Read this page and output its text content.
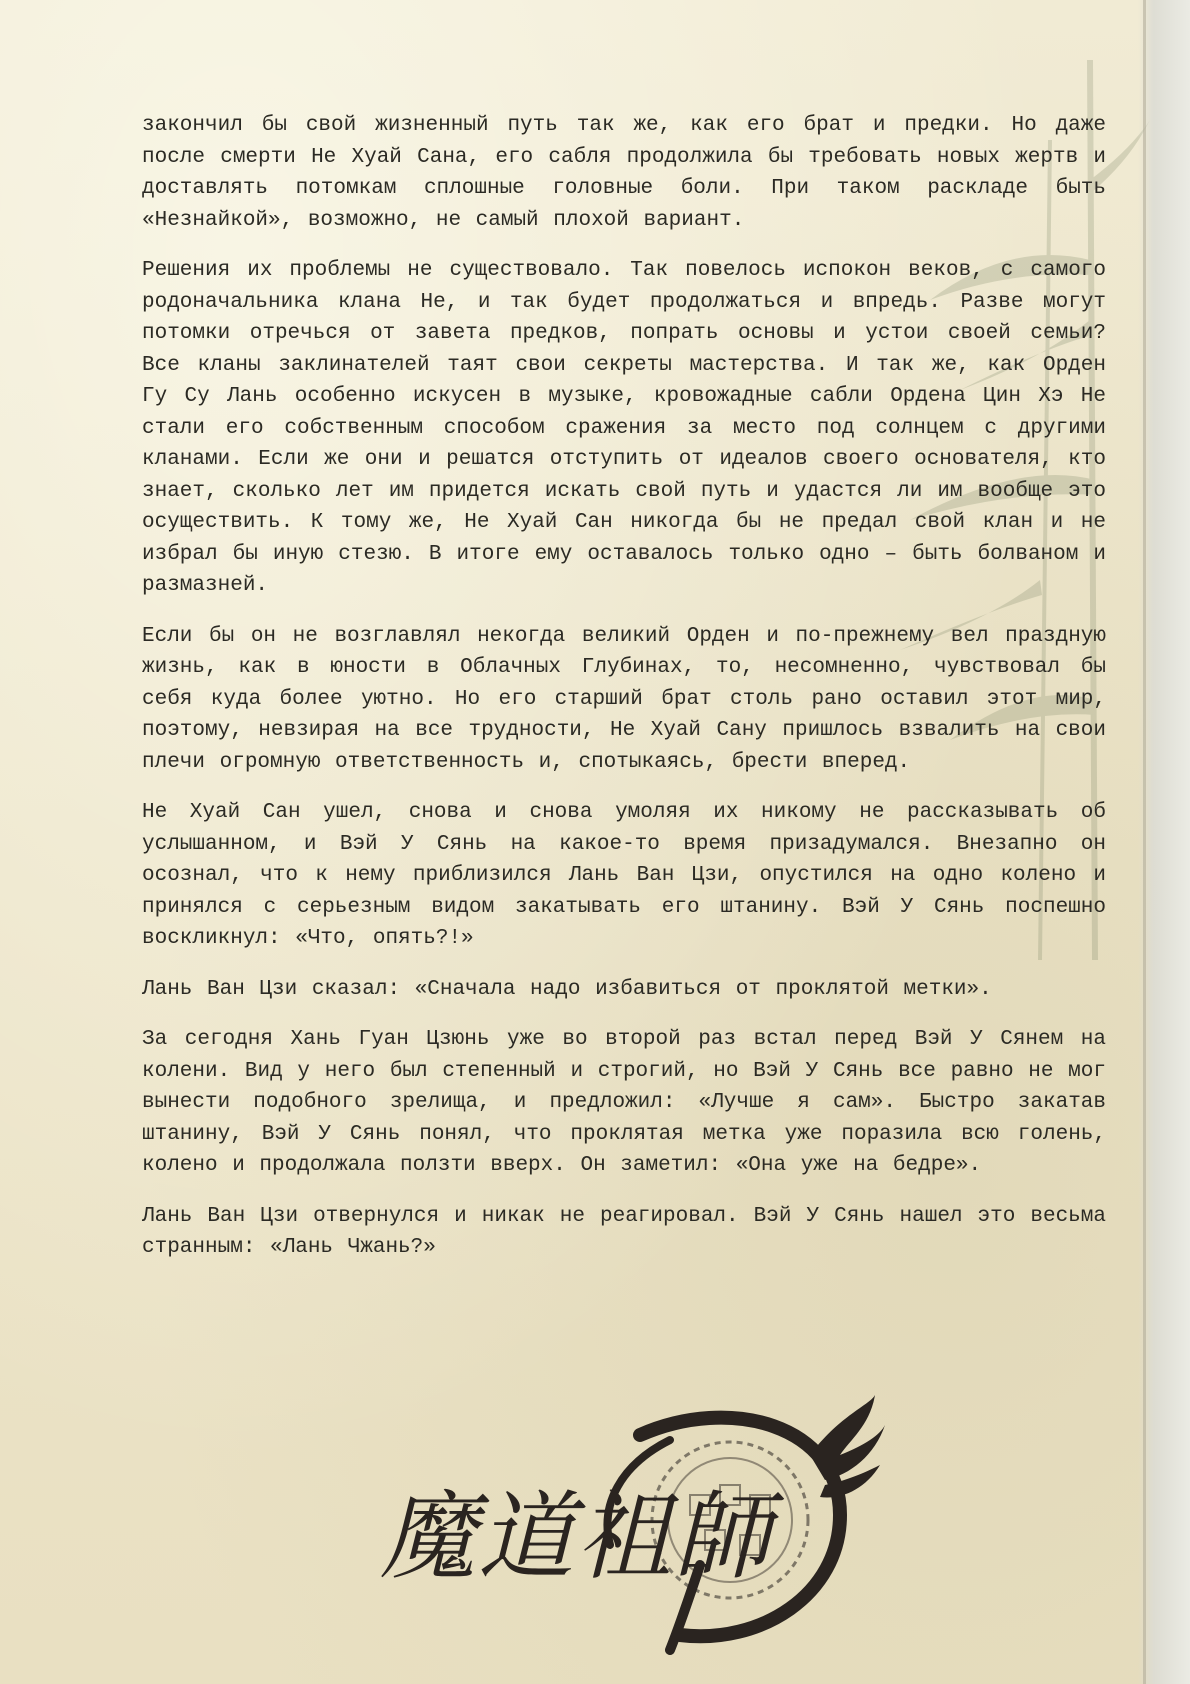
закончил бы свой жизненный путь так же, как его брат и предки. Но даже после смерти Не Хуай Сана, его сабля продолжила бы требовать новых жертв и доставлять потомкам сплошные головные боли. При таком раскладе быть «Незнайкой», возможно, не самый плохой вариант.

Решения их проблемы не существовало. Так повелось испокон веков, с самого родоначальника клана Не, и так будет продолжаться и впредь. Разве могут потомки отречься от завета предков, попрать основы и устои своей семьи? Все кланы заклинателей таят свои секреты мастерства. И так же, как Орден Гу Су Лань особенно искусен в музыке, кровожадные сабли Ордена Цин Хэ Не стали его собственным способом сражения за место под солнцем с другими кланами. Если же они и решатся отступить от идеалов своего основателя, кто знает, сколько лет им придется искать свой путь и удастся ли им вообще это осуществить. К тому же, Не Хуай Сан никогда бы не предал свой клан и не избрал бы иную стезю. В итоге ему оставалось только одно – быть болваном и размазней.

Если бы он не возглавлял некогда великий Орден и по-прежнему вел праздную жизнь, как в юности в Облачных Глубинах, то, несомненно, чувствовал бы себя куда более уютно. Но его старший брат столь рано оставил этот мир, поэтому, невзирая на все трудности, Не Хуай Сану пришлось взвалить на свои плечи огромную ответственность и, спотыкаясь, брести вперед.

Не Хуай Сан ушел, снова и снова умоляя их никому не рассказывать об услышанном, и Вэй У Сянь на какое-то время призадумался. Внезапно он осознал, что к нему приблизился Лань Ван Цзи, опустился на одно колено и принялся с серьезным видом закатывать его штанину. Вэй У Сянь поспешно воскликнул: «Что, опять?!»

Лань Ван Цзи сказал: «Сначала надо избавиться от проклятой метки».

За сегодня Хань Гуан Цзюнь уже во второй раз встал перед Вэй У Сянем на колени. Вид у него был степенный и строгий, но Вэй У Сянь все равно не мог вынести подобного зрелища, и предложил: «Лучше я сам». Быстро закатав штанину, Вэй У Сянь понял, что проклятая метка уже поразила всю голень, колено и продолжала ползти вверх. Он заметил: «Она уже на бедре».

Лань Ван Цзи отвернулся и никак не реагировал. Вэй У Сянь нашел это весьма странным: «Лань Чжань?»

魔道祖師
